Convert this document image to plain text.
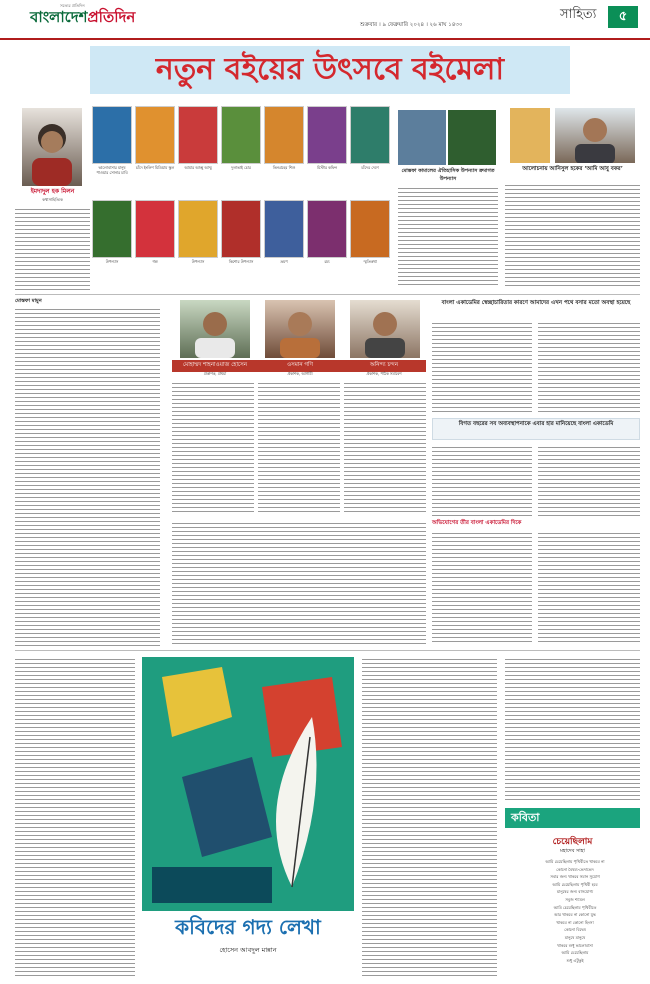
সত্যের প্রতিদিন
বাংলাদেশপ্রতিদিন	শুক্রবার । ৯ ফেব্রুয়ারি ২০২৪ । ২৬ মাঘ ১৪৩০
সাহিত্য	৫
নতুন বইয়ের উৎসবে বইমেলা
ইমদাদুল হক মিলন
কথাসাহিত্যিক
ভালোবাসার মানুষ পাওয়ার সোনার চাবি
চাঁদে ইংলিশ মিডিয়াম স্কুল	আমার আব্বু আম্মু	দুলাভাই চোর	ভিনগ্রহের শিশু	মিস্টার কফিন	চাঁদের দেশে
উপন্যাস	গল্প	উপন্যাস	কিশোর উপন্যাস	ভ্রমণ	রম্য	স্মৃতিকথা
মোস্তফা কামালের ঐতিহাসিক উপন্যাস ক্রমাগত উপন্যাস
আলোচনায় আনিসুল হকের ‘আমি আবু বকর’
মোস্তফা মামুন
মোহাম্মদ শাহনাওয়াজ হোসেন
প্রকাশক, প্রথমা
ওসমান গণি
প্রকাশক, আগামী
অনিন্দ্য চন্দন
প্রকাশক, পাঠক সমাবেশ
বাংলা একাডেমির স্বেচ্ছাচারিতার কারণে আমাদের এখন পথে বসার মতো অবস্থা হয়েছে
বিগত বছরের সব অব্যবস্থাপনাকে এবার হার মানিয়েছে বাংলা একাডেমি
অভিযোগের তীর বাংলা একাডেমির দিকে
কবিদের গদ্য লেখা
হোসেন আবদুল মান্নান
কবিতা
চেয়েছিলাম
মহাদেব সাহা
আমি চেয়েছিলাম পৃথিবীতে থাকবে না
কোনো বৈষম্য-ভেদাভেদ
সবার জন্য থাকবে সমান সুযোগ
আমি চেয়েছিলাম পৃথিবী হবে
মানুষের জন্য বাসযোগ্য
সবুজ শ্যামল
আমি চেয়েছিলাম পৃথিবীতে
আর থাকবে না কোনো যুদ্ধ
থাকবে না কোনো হিংসা
কোনো বিদ্বেষ
মানুষে মানুষে
থাকবে শুধু ভালোবাসা
আমি চেয়েছিলাম
শুধু এটুকুই
